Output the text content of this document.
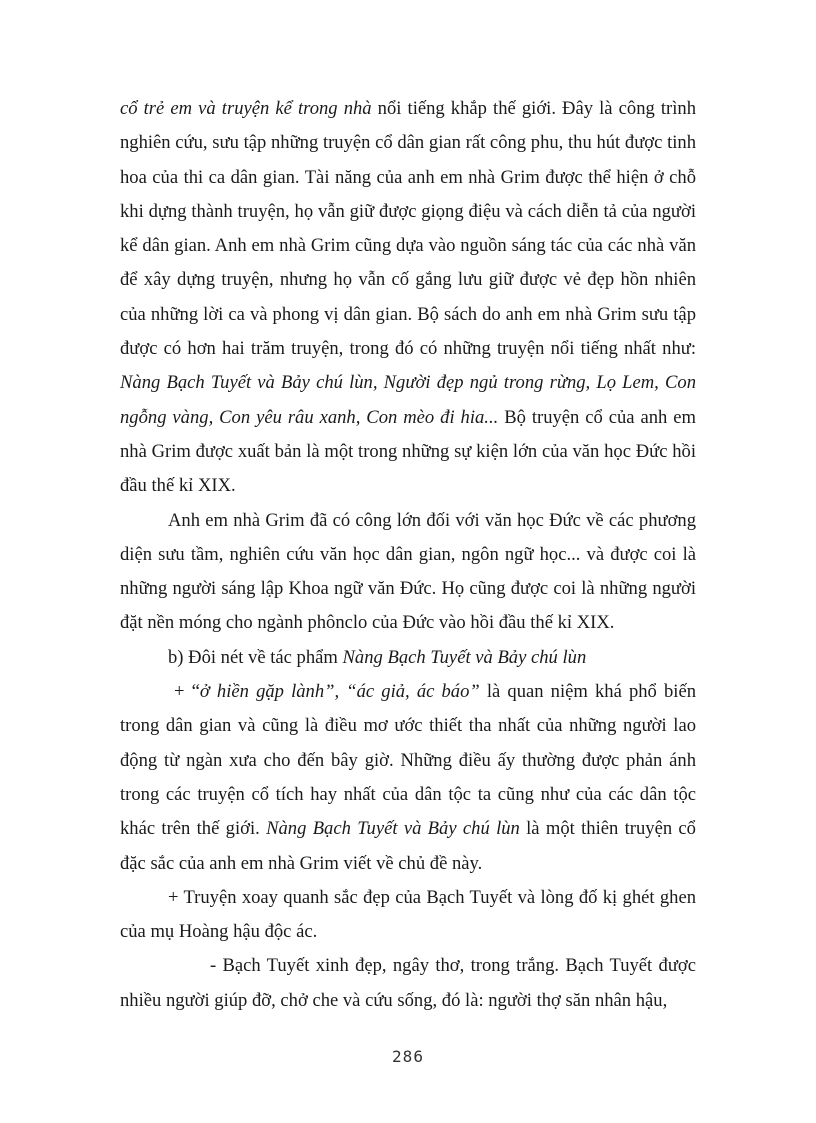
cổ trẻ em và truyện kể trong nhà nổi tiếng khắp thế giới. Đây là công trình nghiên cứu, sưu tập những truyện cổ dân gian rất công phu, thu hút được tinh hoa của thi ca dân gian. Tài năng của anh em nhà Grim được thể hiện ở chỗ khi dựng thành truyện, họ vẫn giữ được giọng điệu và cách diễn tả của người kể dân gian. Anh em nhà Grim cũng dựa vào nguồn sáng tác của các nhà văn để xây dựng truyện, nhưng họ vẫn cố gắng lưu giữ được vẻ đẹp hồn nhiên của những lời ca và phong vị dân gian. Bộ sách do anh em nhà Grim sưu tập được có hơn hai trăm truyện, trong đó có những truyện nổi tiếng nhất như: Nàng Bạch Tuyết và Bảy chú lùn, Người đẹp ngủ trong rừng, Lọ Lem, Con ngỗng vàng, Con yêu râu xanh, Con mèo đi hia... Bộ truyện cổ của anh em nhà Grim được xuất bản là một trong những sự kiện lớn của văn học Đức hồi đầu thế kỉ XIX.

Anh em nhà Grim đã có công lớn đối với văn học Đức về các phương diện sưu tầm, nghiên cứu văn học dân gian, ngôn ngữ học... và được coi là những người sáng lập Khoa ngữ văn Đức. Họ cũng được coi là những người đặt nền móng cho ngành phônclo của Đức vào hồi đầu thế kỉ XIX.

b) Đôi nét về tác phẩm Nàng Bạch Tuyết và Bảy chú lùn

+ “ở hiền gặp lành”, “ác giả, ác báo” là quan niệm khá phổ biến trong dân gian và cũng là điều mơ ước thiết tha nhất của những người lao động từ ngàn xưa cho đến bây giờ. Những điều ấy thường được phản ánh trong các truyện cổ tích hay nhất của dân tộc ta cũng như của các dân tộc khác trên thế giới. Nàng Bạch Tuyết và Bảy chú lùn là một thiên truyện cổ đặc sắc của anh em nhà Grim viết về chủ đề này.

+ Truyện xoay quanh sắc đẹp của Bạch Tuyết và lòng đố kị ghét ghen của mụ Hoàng hậu độc ác.

- Bạch Tuyết xinh đẹp, ngây thơ, trong trắng. Bạch Tuyết được nhiều người giúp đỡ, chở che và cứu sống, đó là: người thợ săn nhân hậu,

286
